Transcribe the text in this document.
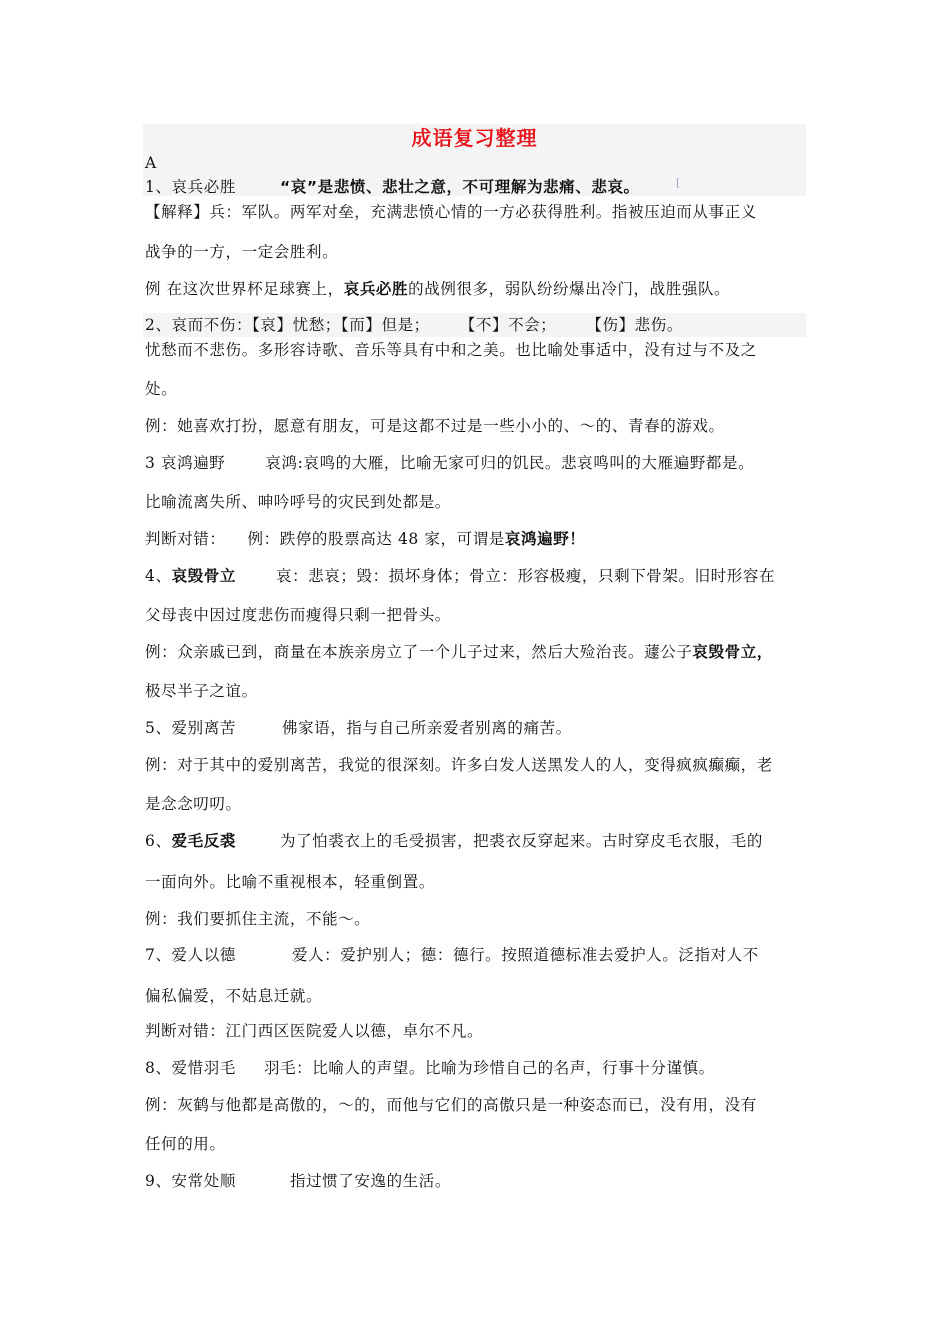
成语复习整理
A
1、哀兵必胜	“哀”是悲愤、悲壮之意，不可理解为悲痛、悲哀。	[
【解释】兵：军队。两军对垒，充满悲愤心情的一方必获得胜利。指被压迫而从事正义
战争的一方，一定会胜利。
例 在这次世界杯足球赛上，哀兵必胜的战例很多，弱队纷纷爆出冷门，战胜强队。
2、哀而不伤：【哀】忧愁；【而】但是； 【不】不会； 【伤】悲伤。
忧愁而不悲伤。多形容诗歌、音乐等具有中和之美。也比喻处事适中，没有过与不及之
处。
例：她喜欢打扮，愿意有朋友，可是这都不过是一些小小的、～的、青春的游戏。
3 哀鸿遍野	哀鸿:哀鸣的大雁，比喻无家可归的饥民。悲哀鸣叫的大雁遍野都是。
比喻流离失所、呻吟呼号的灾民到处都是。
判断对错： 例：跌停的股票高达 48 家，可谓是哀鸿遍野！
4、哀毁骨立	哀：悲哀；毁：损坏身体；骨立：形容极瘦，只剩下骨架。旧时形容在
父母丧中因过度悲伤而瘦得只剩一把骨头。
例：众亲戚已到，商量在本族亲房立了一个儿子过来，然后大殓治丧。蘧公子哀毁骨立，
极尽半子之谊。
5、爱别离苦	佛家语，指与自己所亲爱者别离的痛苦。
例：对于其中的爱别离苦，我觉的很深刻。许多白发人送黑发人的人，变得疯疯癫癫，老
是念念叨叨。
6、爱毛反裘	为了怕裘衣上的毛受损害，把裘衣反穿起来。古时穿皮毛衣服，毛的
一面向外。比喻不重视根本，轻重倒置。
例：我们要抓住主流，不能～。
7、爱人以德	爱人：爱护别人；德：德行。按照道德标准去爱护人。泛指对人不
偏私偏爱，不姑息迁就。
判断对错：江门西区医院爱人以德，卓尔不凡。
8、爱惜羽毛 羽毛：比喻人的声望。比喻为珍惜自己的名声，行事十分谨慎。
例：灰鹤与他都是高傲的，～的，而他与它们的高傲只是一种姿态而已，没有用，没有
任何的用。
9、安常处顺	指过惯了安逸的生活。
